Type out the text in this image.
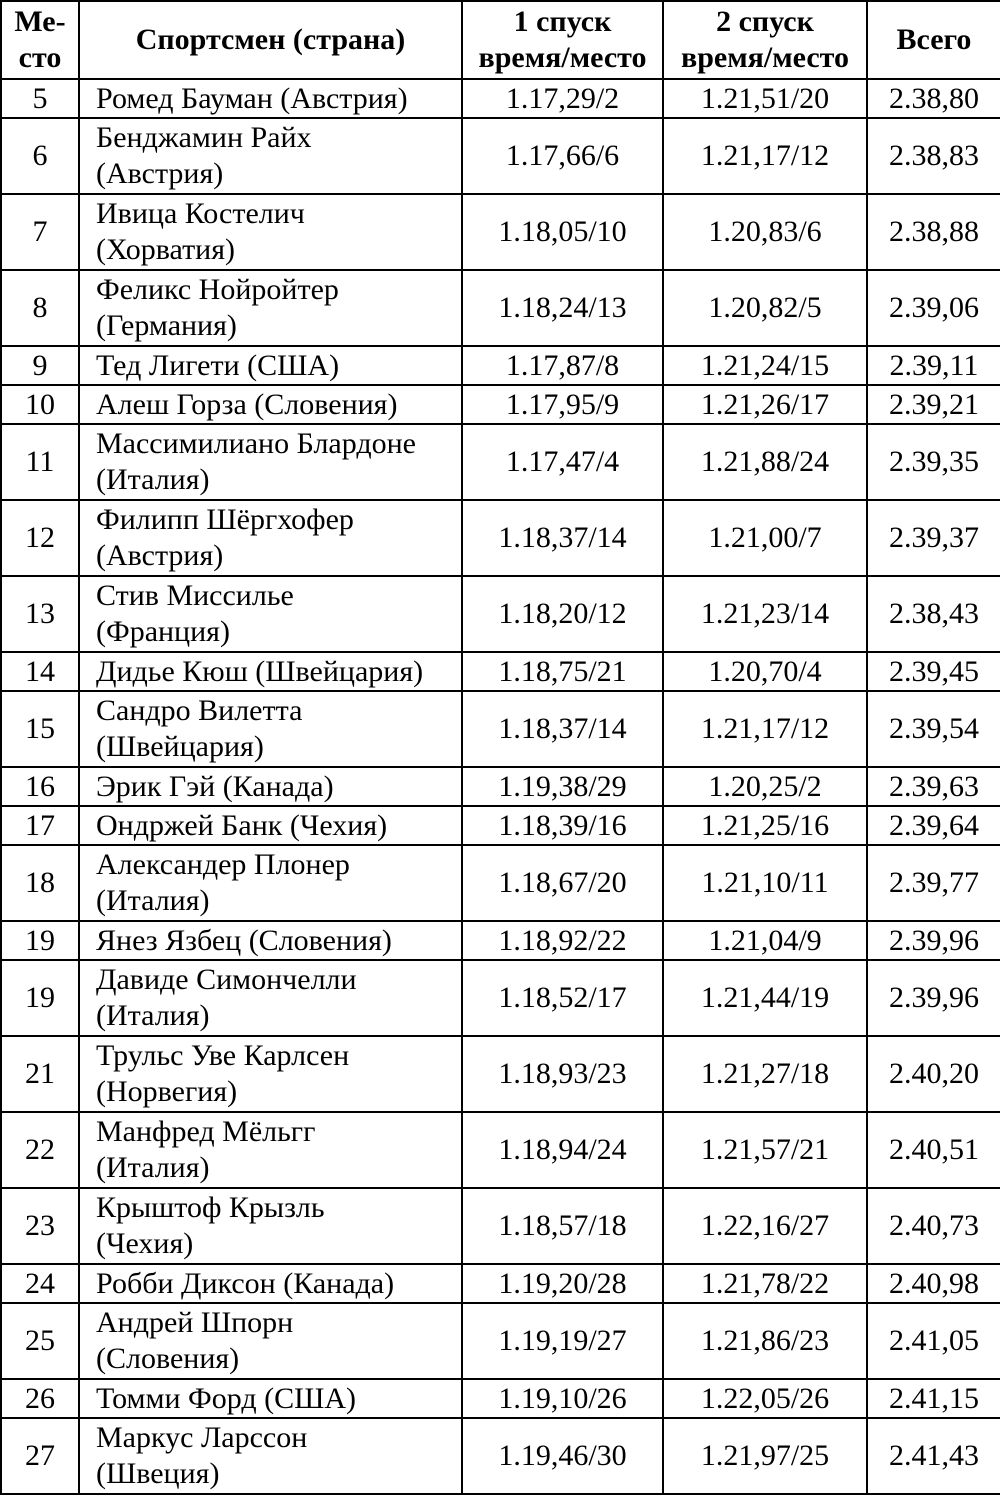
Ме-
сто	Спортсмен (страна)	1 спуск
время/место	2 спуск
время/место	Всего
5	Ромед Бауман (Австрия)	1.17,29/2	1.21,51/20	2.38,80
6	Бенджамин Райх
(Австрия)	1.17,66/6	1.21,17/12	2.38,83
7	Ивица Костелич
(Хорватия)	1.18,05/10	1.20,83/6	2.38,88
8	Феликс Нойройтер
(Германия)	1.18,24/13	1.20,82/5	2.39,06
9	Тед Лигети (США)	1.17,87/8	1.21,24/15	2.39,11
10	Алеш Горза (Словения)	1.17,95/9	1.21,26/17	2.39,21
11	Массимилиано Блардоне
(Италия)	1.17,47/4	1.21,88/24	2.39,35
12	Филипп Шёргхофер
(Австрия)	1.18,37/14	1.21,00/7	2.39,37
13	Стив Миссилье
(Франция)	1.18,20/12	1.21,23/14	2.38,43
14	Дидье Кюш (Швейцария)	1.18,75/21	1.20,70/4	2.39,45
15	Сандро Вилетта
(Швейцария)	1.18,37/14	1.21,17/12	2.39,54
16	Эрик Гэй (Канада)	1.19,38/29	1.20,25/2	2.39,63
17	Ондржей Банк (Чехия)	1.18,39/16	1.21,25/16	2.39,64
18	Александер Плонер
(Италия)	1.18,67/20	1.21,10/11	2.39,77
19	Янез Язбец (Словения)	1.18,92/22	1.21,04/9	2.39,96
19	Давиде Симончелли
(Италия)	1.18,52/17	1.21,44/19	2.39,96
21	Трульс Уве Карлсен
(Норвегия)	1.18,93/23	1.21,27/18	2.40,20
22	Манфред Мёльгг
(Италия)	1.18,94/24	1.21,57/21	2.40,51
23	Крыштоф Крызль
(Чехия)	1.18,57/18	1.22,16/27	2.40,73
24	Робби Диксон (Канада)	1.19,20/28	1.21,78/22	2.40,98
25	Андрей Шпорн
(Словения)	1.19,19/27	1.21,86/23	2.41,05
26	Томми Форд (США)	1.19,10/26	1.22,05/26	2.41,15
27	Маркус Ларссон
(Швеция)	1.19,46/30	1.21,97/25	2.41,43
